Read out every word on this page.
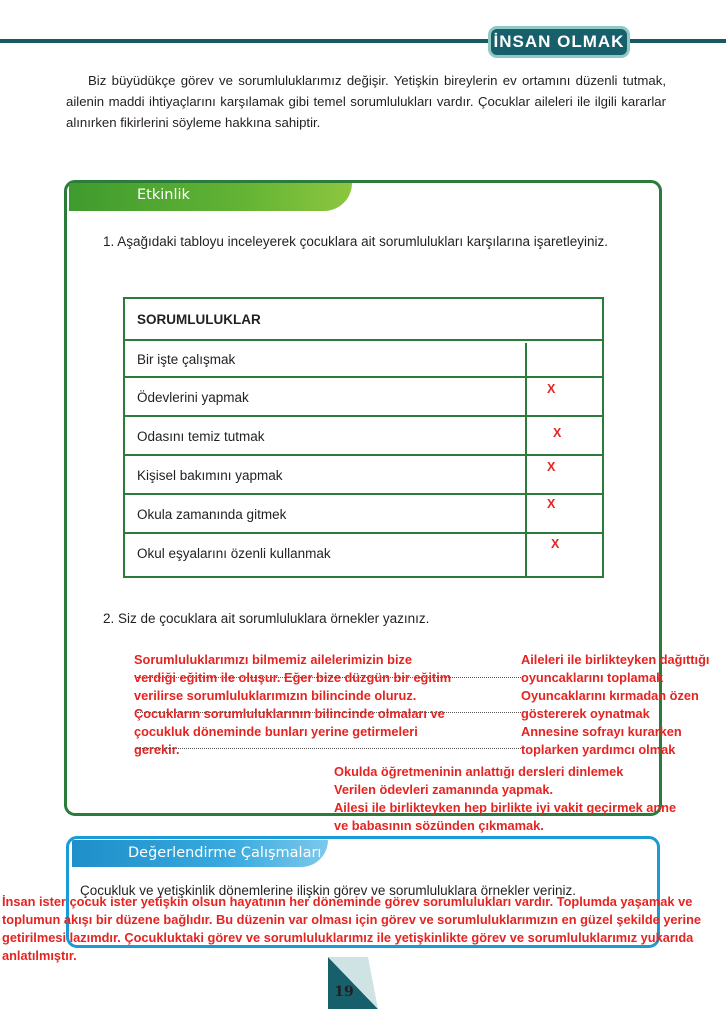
İNSAN OLMAK

Biz büyüdükçe görev ve sorumluluklarımız değişir. Yetişkin bireylerin ev ortamını düzenli tutmak, ailenin maddi ihtiyaçlarını karşılamak gibi temel sorumlulukları vardır. Çocuklar aileleri ile ilgili kararlar alınırken fikirlerini söyleme hakkına sahiptir.

Etkinlik
1. Aşağıdaki tabloyu inceleyerek çocuklara ait sorumlulukları karşılarına işaretleyiniz.
SORUMLULUKLAR
Bir işte çalışmak
Ödevlerini yapmak
X
Odasını temiz tutmak	X
Kişisel bakımını yapmak
X
Okula zamanında gitmek
X
Okul eşyalarını özenli kullanmak
X
2. Siz de çocuklara ait sorumluluklara örnekler yazınız.
Sorumluluklarımızı bilmemiz ailelerimizin bize
verdiği eğitim ile oluşur. Eğer bize düzgün bir eğitim
verilirse sorumluluklarımızın bilincinde oluruz.
Çocukların sorumluluklarının bilincinde olmaları ve
çocukluk döneminde bunları yerine getirmeleri
gerekir.
Aileleri ile birlikteyken dağıttığı
oyuncaklarını toplamak
Oyuncaklarını kırmadan özen
göstererek oynatmak
Annesine sofrayı kurarken
toplarken yardımcı olmak
Okulda öğretmeninin anlattığı dersleri dinlemek
Verilen ödevleri zamanında yapmak.
Ailesi ile birlikteyken hep birlikte iyi vakit geçirmek anne
ve babasının sözünden çıkmamak.
Değerlendirme Çalışmaları
Çocukluk ve yetişkinlik dönemlerine ilişkin görev ve sorumluluklara örnekler veriniz.
İnsan ister çocuk ister yetişkin olsun hayatının her döneminde görev sorumlulukları vardır. Toplumda yaşamak ve toplumun akışı bir düzene bağlıdır. Bu düzenin var olması için görev ve sorumluluklarımızın en güzel şekilde yerine getirilmesi lazımdır. Çocukluktaki görev ve sorumluluklarımız ile yetişkinlikte görev ve sorumluluklarımız yukarıda anlatılmıştır.
19
